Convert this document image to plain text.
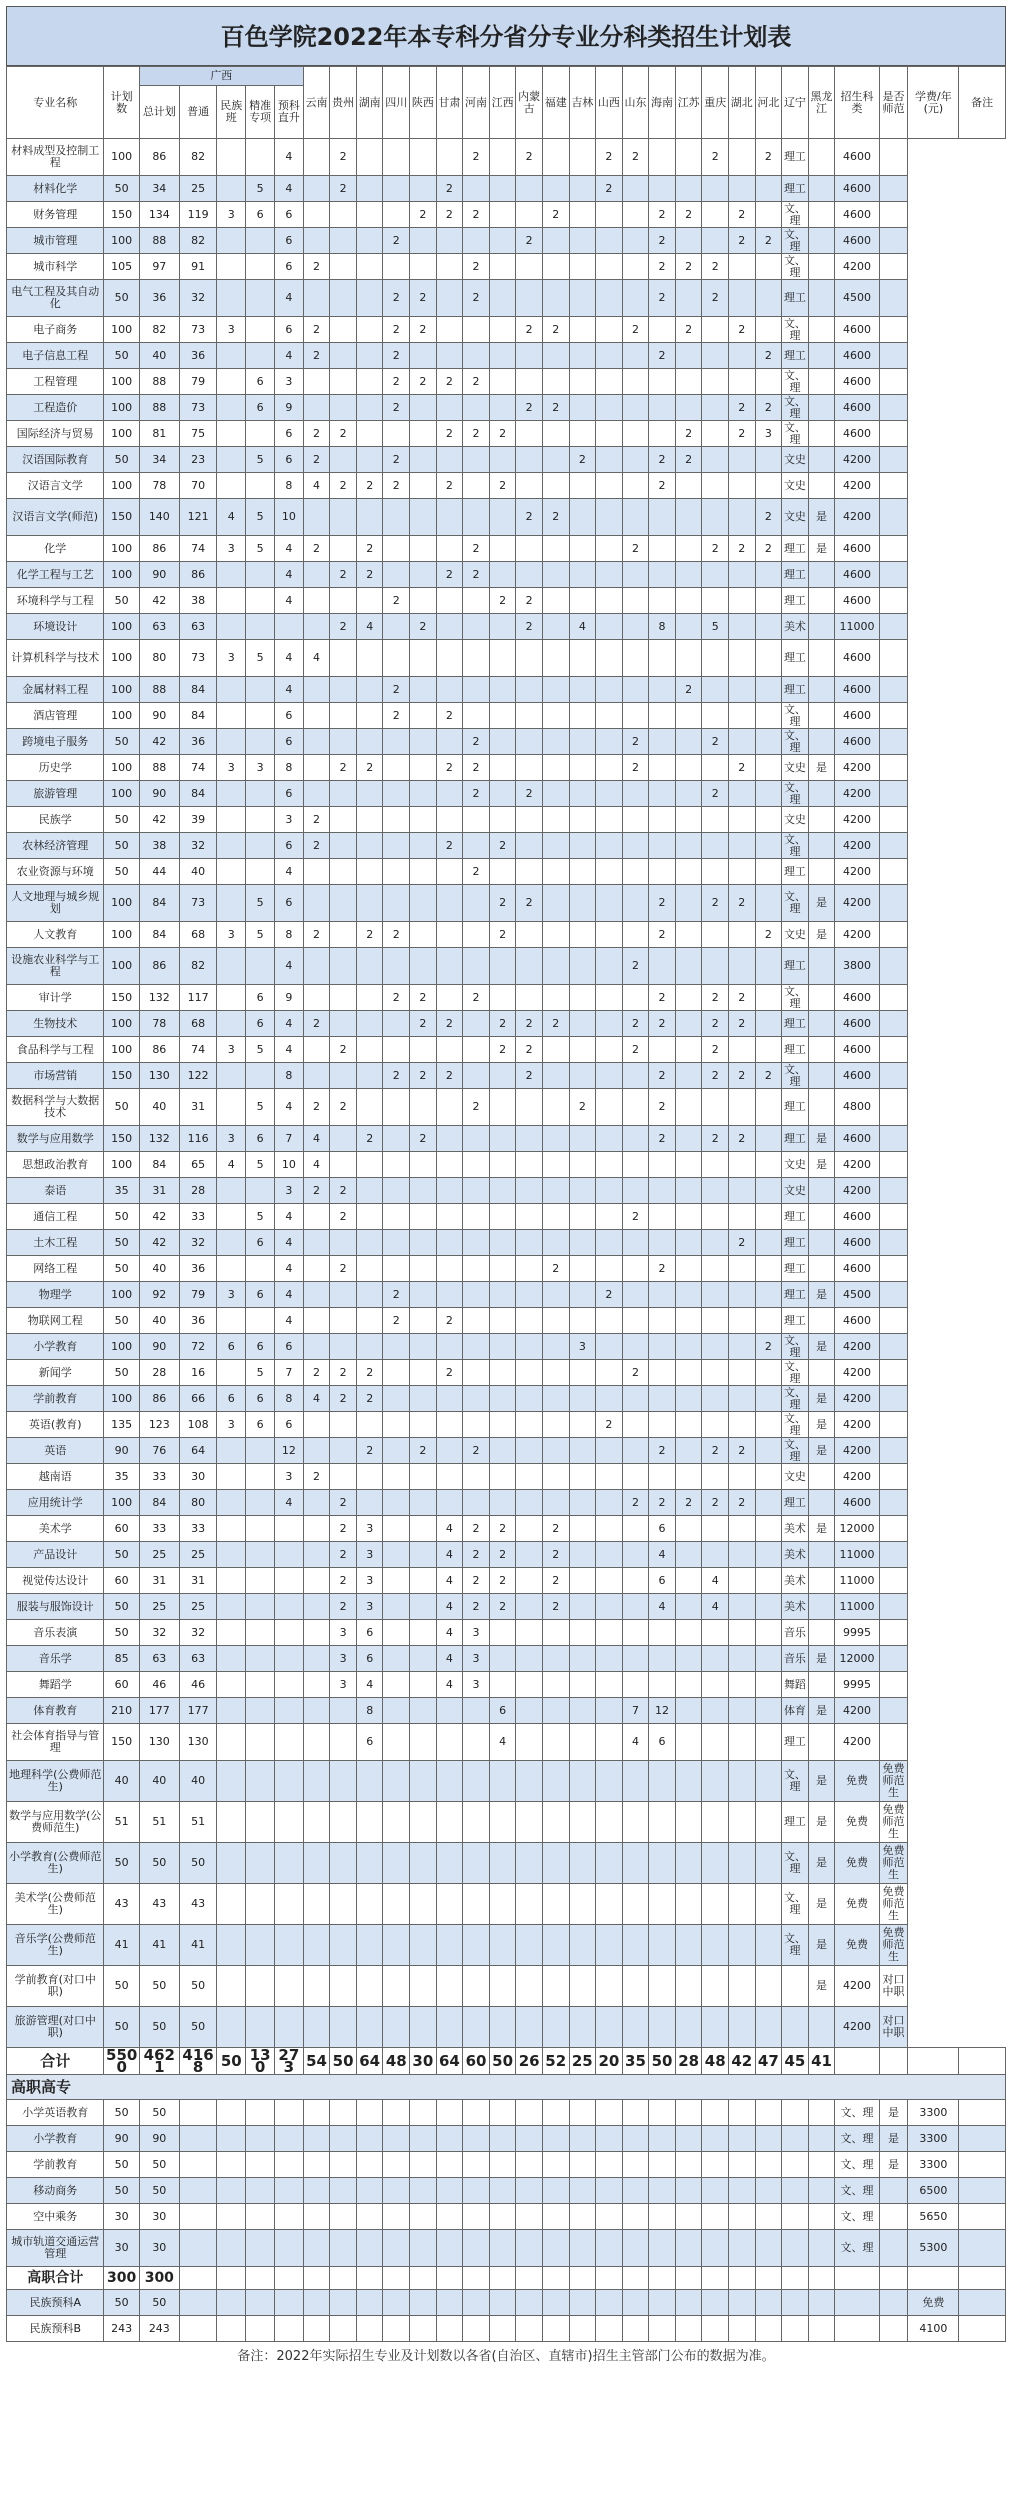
百色学院2022年本专科分省分专业分科类招生计划表
专业名称	计划数	广西					云南	贵州	湖南	四川	陕西	甘肃	河南	江西	内蒙古	福建	吉林	山西	山东	海南	江苏	重庆	湖北	河北	辽宁	黑龙江	招生科类	是否师范	学费/年(元)	备注
		总计划	普通	民族班	精准专项	预科直升																								
材料成型及控制工程	100	86	82			4		2					2		2			2	2			2		2	理工		4600			
材料化学	50	34	25		5	4		2				2						2							理工		4600			
财务管理	150	134	119	3	6	6					2	2	2			2				2	2		2		文、理		4600			
城市管理	100	88	82			6				2					2					2			2	2	文、理		4600			
城市科学	105	97	91			6	2						2							2	2	2			文、理		4200			
电气工程及其自动化	50	36	32			4				2	2		2							2		2			理工		4500			
电子商务	100	82	73	3		6	2			2	2				2	2			2		2		2		文、理		4600			
电子信息工程	50	40	36			4	2			2										2				2	理工		4600			
工程管理	100	88	79		6	3				2	2	2	2												文、理		4600			
工程造价	100	88	73		6	9				2					2	2							2	2	文、理		4600			
国际经济与贸易	100	81	75			6	2	2				2	2	2							2		2	3	文、理		4600			
汉语国际教育	50	34	23		5	6	2			2							2			2	2				文史		4200			
汉语言文学	100	78	70			8	4	2	2	2		2		2						2					文史		4200			
汉语言文学(师范)	150	140	121	4	5	10									2	2								2	文史	是	4200			
化学	100	86	74	3	5	4	2		2				2						2			2	2	2	理工	是	4600			
化学工程与工艺	100	90	86			4		2	2			2	2												理工		4600			
环境科学与工程	50	42	38			4				2				2	2										理工		4600			
环境设计	100	63	63					2	4		2				2		4			8		5			美术		11000			
计算机科学与技术	100	80	73	3	5	4	4																		理工		4600			
金属材料工程	100	88	84			4				2											2				理工		4600			
酒店管理	100	90	84			6				2		2													文、理		4600			
跨境电子服务	50	42	36			6							2						2			2			文、理		4600			
历史学	100	88	74	3	3	8		2	2			2	2						2				2		文史	是	4200			
旅游管理	100	90	84			6							2		2							2			文、理		4200			
民族学	50	42	39			3	2																		文史		4200			
农林经济管理	50	38	32			6	2					2		2											文、理		4200			
农业资源与环境	50	44	40			4							2												理工		4200			
人文地理与城乡规划	100	84	73		5	6								2	2					2		2	2		文、理	是	4200			
人文教育	100	84	68	3	5	8	2		2	2				2						2				2	文史	是	4200			
设施农业科学与工程	100	86	82			4													2						理工		3800			
审计学	150	132	117		6	9				2	2		2							2		2	2		文、理		4600			
生物技术	100	78	68		6	4	2				2	2		2	2	2			2	2		2	2		理工		4600			
食品科学与工程	100	86	74	3	5	4		2						2	2				2			2			理工		4600			
市场营销	150	130	122			8				2	2	2			2					2		2	2	2	文、理		4600			
数据科学与大数据技术	50	40	31		5	4	2	2					2				2			2					理工		4800			
数学与应用数学	150	132	116	3	6	7	4		2		2									2		2	2		理工	是	4600			
思想政治教育	100	84	65	4	5	10	4																		文史	是	4200			
泰语	35	31	28			3	2	2																	文史		4200			
通信工程	50	42	33		5	4		2											2						理工		4600			
土木工程	50	42	32		6	4																	2		理工		4600			
网络工程	50	40	36			4		2								2				2					理工		4600			
物理学	100	92	79	3	6	4				2								2							理工	是	4500			
物联网工程	50	40	36			4				2		2													理工		4600			
小学教育	100	90	72	6	6	6											3							2	文、理	是	4200			
新闻学	50	28	16		5	7	2	2	2			2							2						文、理		4200			
学前教育	100	86	66	6	6	8	4	2	2																文、理	是	4200			
英语(教育)	135	123	108	3	6	6												2							文、理	是	4200			
英语	90	76	64			12			2		2		2							2		2	2		文、理	是	4200			
越南语	35	33	30			3	2																		文史		4200			
应用统计学	100	84	80			4		2											2	2	2	2	2		理工		4600			
美术学	60	33	33					2	3			4	2	2		2				6					美术	是	12000			
产品设计	50	25	25					2	3			4	2	2		2				4					美术		11000			
视觉传达设计	60	31	31					2	3			4	2	2		2				6		4			美术		11000			
服装与服饰设计	50	25	25					2	3			4	2	2		2				4		4			美术		11000			
音乐表演	50	32	32					3	6			4	3												音乐		9995			
音乐学	85	63	63					3	6			4	3												音乐	是	12000			
舞蹈学	60	46	46					3	4			4	3												舞蹈		9995			
体育教育	210	177	177						8					6					7	12					体育	是	4200			
社会体育指导与管理	150	130	130						6					4					4	6					理工		4200			
地理科学(公费师范生)	40	40	40																						文、理	是	免费	免费师范生		
数学与应用数学(公费师范生)	51	51	51																						理工	是	免费	免费师范生		
小学教育(公费师范生)	50	50	50																						文、理	是	免费	免费师范生		
美术学(公费师范生)	43	43	43																						文、理	是	免费	免费师范生		
音乐学(公费师范生)	41	41	41																						文、理	是	免费	免费师范生		
学前教育(对口中职)	50	50	50																							是	4200	对口中职		
旅游管理(对口中职)	50	50	50																								4200	对口中职		
合计	5500	4621	4168	50	130	273	54	50	64	48	30	64	60	50	26	52	25	20	35	50	28	48	42	47	45	41				
高职高专																														
小学英语教育	50	50																									文、理	是	3300	
小学教育	90	90																									文、理	是	3300	
学前教育	50	50																									文、理	是	3300	
移动商务	50	50																									文、理		6500	
空中乘务	30	30																									文、理		5650	
城市轨道交通运营管理	30	30																									文、理		5300	
高职合计	300	300																												
民族预科A	50	50																											免费	
民族预科B	243	243																											4100	
备注：2022年实际招生专业及计划数以各省(自治区、直辖市)招生主管部门公布的数据为准。
